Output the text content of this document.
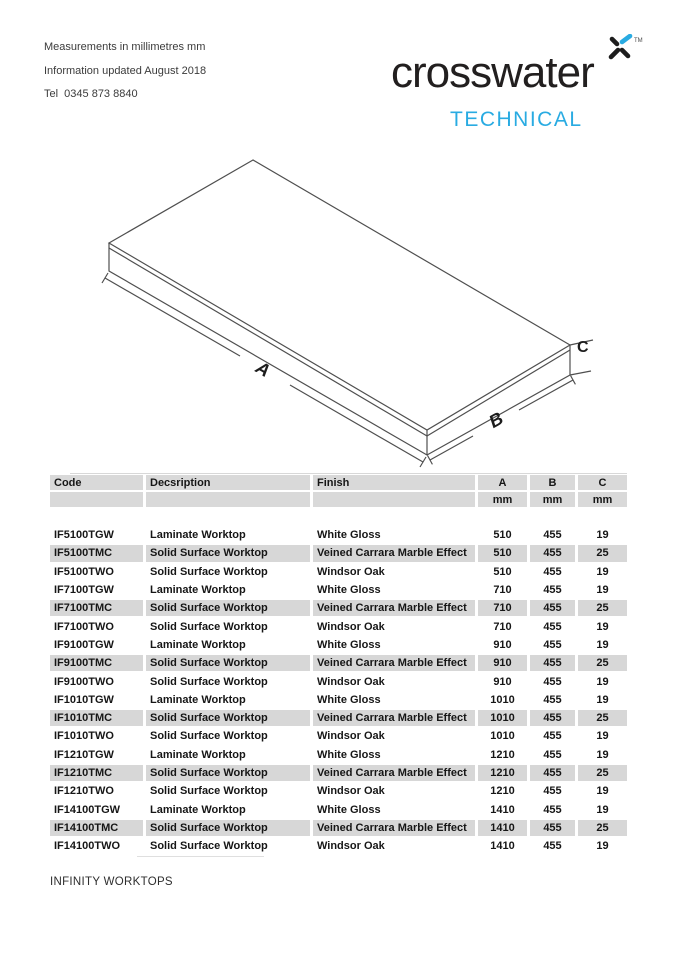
Measurements in millimetres mm

Information updated August 2018

Tel  0345 873 8840	crosswater
TM
TECHNICAL
A
B
C
Code	Decsription	Finish	A	B	C
			mm	mm	mm

IF5100TGW	Laminate Worktop	White Gloss	510	455	19
IF5100TMC	Solid Surface Worktop	Veined Carrara Marble Effect	510	455	25
IF5100TWO	Solid Surface Worktop	Windsor Oak	510	455	19
IF7100TGW	Laminate Worktop	White Gloss	710	455	19
IF7100TMC	Solid Surface Worktop	Veined Carrara Marble Effect	710	455	25
IF7100TWO	Solid Surface Worktop	Windsor Oak	710	455	19
IF9100TGW	Laminate Worktop	White Gloss	910	455	19
IF9100TMC	Solid Surface Worktop	Veined Carrara Marble Effect	910	455	25
IF9100TWO	Solid Surface Worktop	Windsor Oak	910	455	19
IF1010TGW	Laminate Worktop	White Gloss	1010	455	19
IF1010TMC	Solid Surface Worktop	Veined Carrara Marble Effect	1010	455	25
IF1010TWO	Solid Surface Worktop	Windsor Oak	1010	455	19
IF1210TGW	Laminate Worktop	White Gloss	1210	455	19
IF1210TMC	Solid Surface Worktop	Veined Carrara Marble Effect	1210	455	25
IF1210TWO	Solid Surface Worktop	Windsor Oak	1210	455	19
IF14100TGW	Laminate Worktop	White Gloss	1410	455	19
IF14100TMC	Solid Surface Worktop	Veined Carrara Marble Effect	1410	455	25
IF14100TWO	Solid Surface Worktop	Windsor Oak	1410	455	19
INFINITY WORKTOPS
